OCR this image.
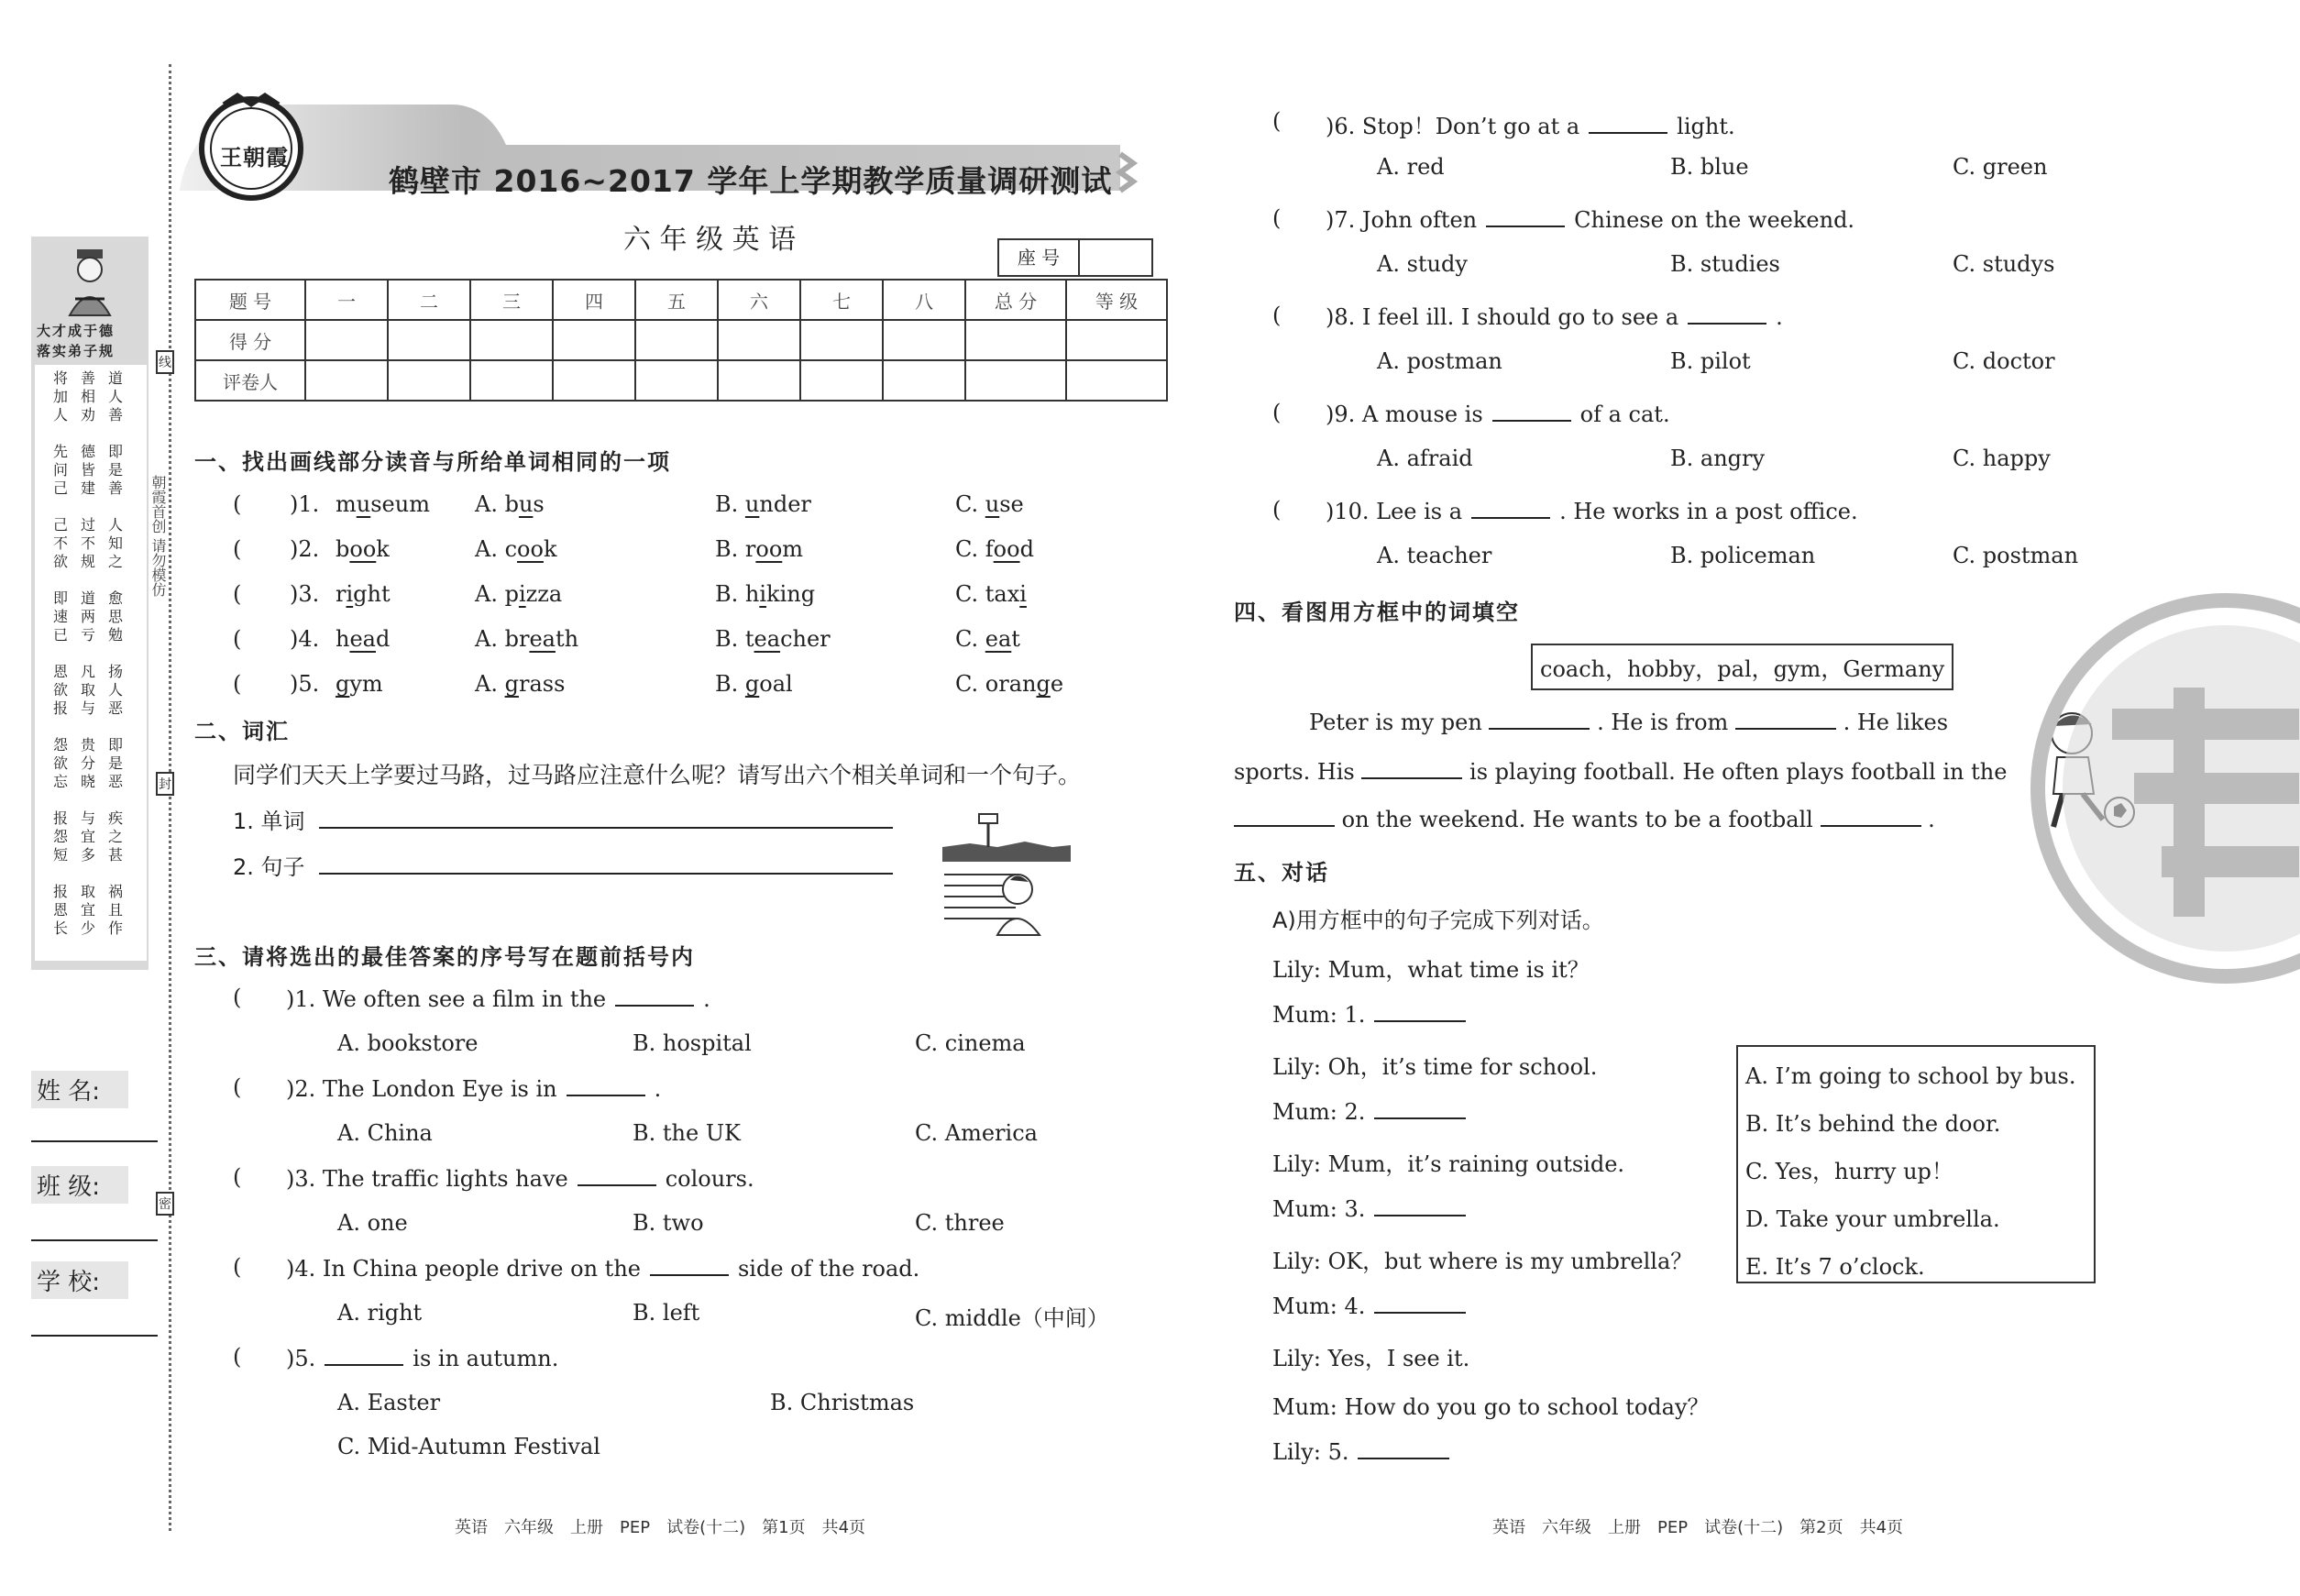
大才成于德
落实弟子规
将加人
善相劝
道人善
先问己
德皆建
即是善
己不欲
过不规
人知之
即速已
道两亏
愈思勉
恩欲报
凡取与
扬人恶
怨欲忘
贵分晓
即是恶
报怨短
与宜多
疾之甚
报恩长
取宜少
祸且作
朝霞首创 请勿模仿
线
封
密
姓 名:
班 级:
学 校:
王朝霞
鹤壁市 2016~2017 学年上学期教学质量调研测试
六 年 级 英 语
座 号
题 号	一	二	三	四	五	六	七	八	总 分	等 级
得 分										
评卷人										
一、找出画线部分读音与所给单词相同的一项
( )1. museum A. bus	B. under	C. use
( )2. book	A. cook	B. room	C. food
( )3. right	A. pizza	B. hiking	C. taxi
( )4. head	A. breath	B. teacher	C. eat
( )5. gym	A. grass	B. goal	C. orange
二、词汇
同学们天天上学要过马路，过马路应注意什么呢？请写出六个相关单词和一个句子。
1. 单词
2. 句子
三、请将选出的最佳答案的序号写在题前括号内
( )1. We often see a film in the	.
A. bookstore	B. hospital	C. cinema
( )2. The London Eye is in	.
A. China	B. the UK	C. America
( )3. The traffic lights have	colours.
A. one	B. two	C. three
( )4. In China people drive on the	side of the road.
A. right	B. left	C. middle（中间）
( )5.	is in autumn.
A. Easter	B. Christmas
C. Mid-Autumn Festival
( )6. Stop！Don’t go at a	light.
A. red	B. blue	C. green
( )7. John often	Chinese on the weekend.
A. study	B. studies	C. studys
( )8. I feel ill. I should go to see a	.
A. postman	B. pilot	C. doctor
( )9. A mouse is	of a cat.
A. afraid	B. angry	C. happy
( )10. Lee is a	. He works in a post office.
A. teacher	B. policeman	C. postman
四、看图用方框中的词填空
coach，hobby，pal，gym，Germany
Peter is my pen	. He is from	. He likes
sports. His	is playing football. He often plays football in the
on the weekend. He wants to be a football	.
五、对话
A)用方框中的句子完成下列对话。
Lily: Mum，what time is it？
Mum: 1.
Lily: Oh，it’s time for school.
Mum: 2.
Lily: Mum，it’s raining outside.
Mum: 3.
Lily: OK，but where is my umbrella？
Mum: 4.
Lily: Yes，I see it.
Mum: How do you go to school today？
Lily: 5.
A. I’m going to school by bus.
B. It’s behind the door.
C. Yes，hurry up！
D. Take your umbrella.
E. It’s 7 o’clock.
英语　六年级　上册　PEP　试卷(十二)　第1页　共4页	英语　六年级　上册　PEP　试卷(十二)　第2页　共4页
